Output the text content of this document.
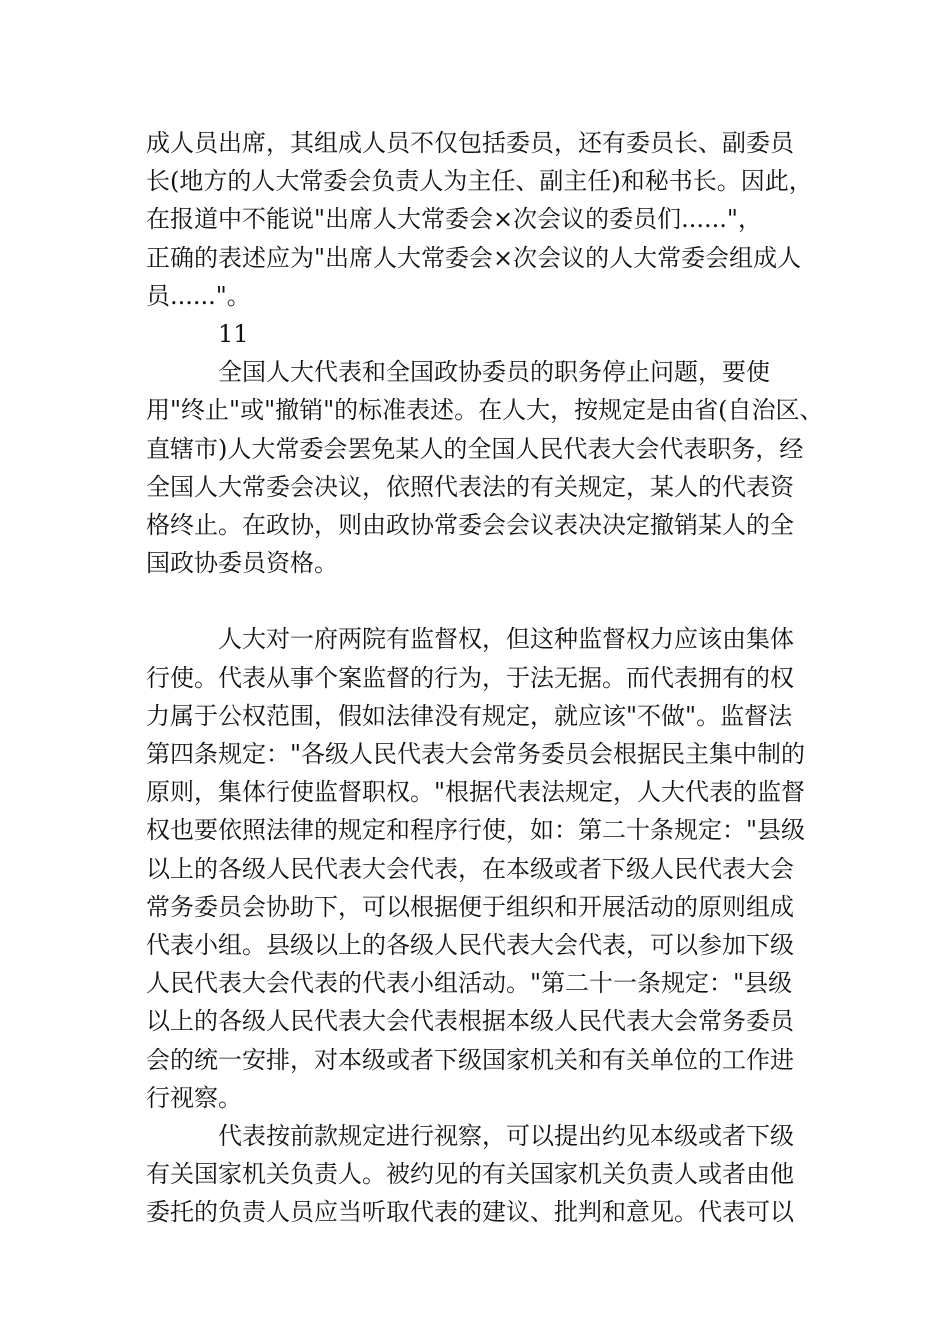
成人员出席，其组成人员不仅包括委员，还有委员长、副委员
长(地方的人大常委会负责人为主任、副主任)和秘书长。因此，
在报道中不能说"出席人大常委会×次会议的委员们......"，
正确的表述应为"出席人大常委会×次会议的人大常委会组成人
员......"。
11
全国人大代表和全国政协委员的职务停止问题，要使
用"终止"或"撤销"的标准表述。在人大，按规定是由省(自治区、
直辖市)人大常委会罢免某人的全国人民代表大会代表职务，经
全国人大常委会决议，依照代表法的有关规定，某人的代表资
格终止。在政协，则由政协常委会会议表决决定撤销某人的全
国政协委员资格。
人大对一府两院有监督权，但这种监督权力应该由集体
行使。代表从事个案监督的行为，于法无据。而代表拥有的权
力属于公权范围，假如法律没有规定，就应该"不做"。监督法
第四条规定："各级人民代表大会常务委员会根据民主集中制的
原则，集体行使监督职权。"根据代表法规定，人大代表的监督
权也要依照法律的规定和程序行使，如：第二十条规定："县级
以上的各级人民代表大会代表，在本级或者下级人民代表大会
常务委员会协助下，可以根据便于组织和开展活动的原则组成
代表小组。县级以上的各级人民代表大会代表，可以参加下级
人民代表大会代表的代表小组活动。"第二十一条规定："县级
以上的各级人民代表大会代表根据本级人民代表大会常务委员
会的统一安排，对本级或者下级国家机关和有关单位的工作进
行视察。
代表按前款规定进行视察，可以提出约见本级或者下级
有关国家机关负责人。被约见的有关国家机关负责人或者由他
委托的负责人员应当听取代表的建议、批判和意见。代表可以
